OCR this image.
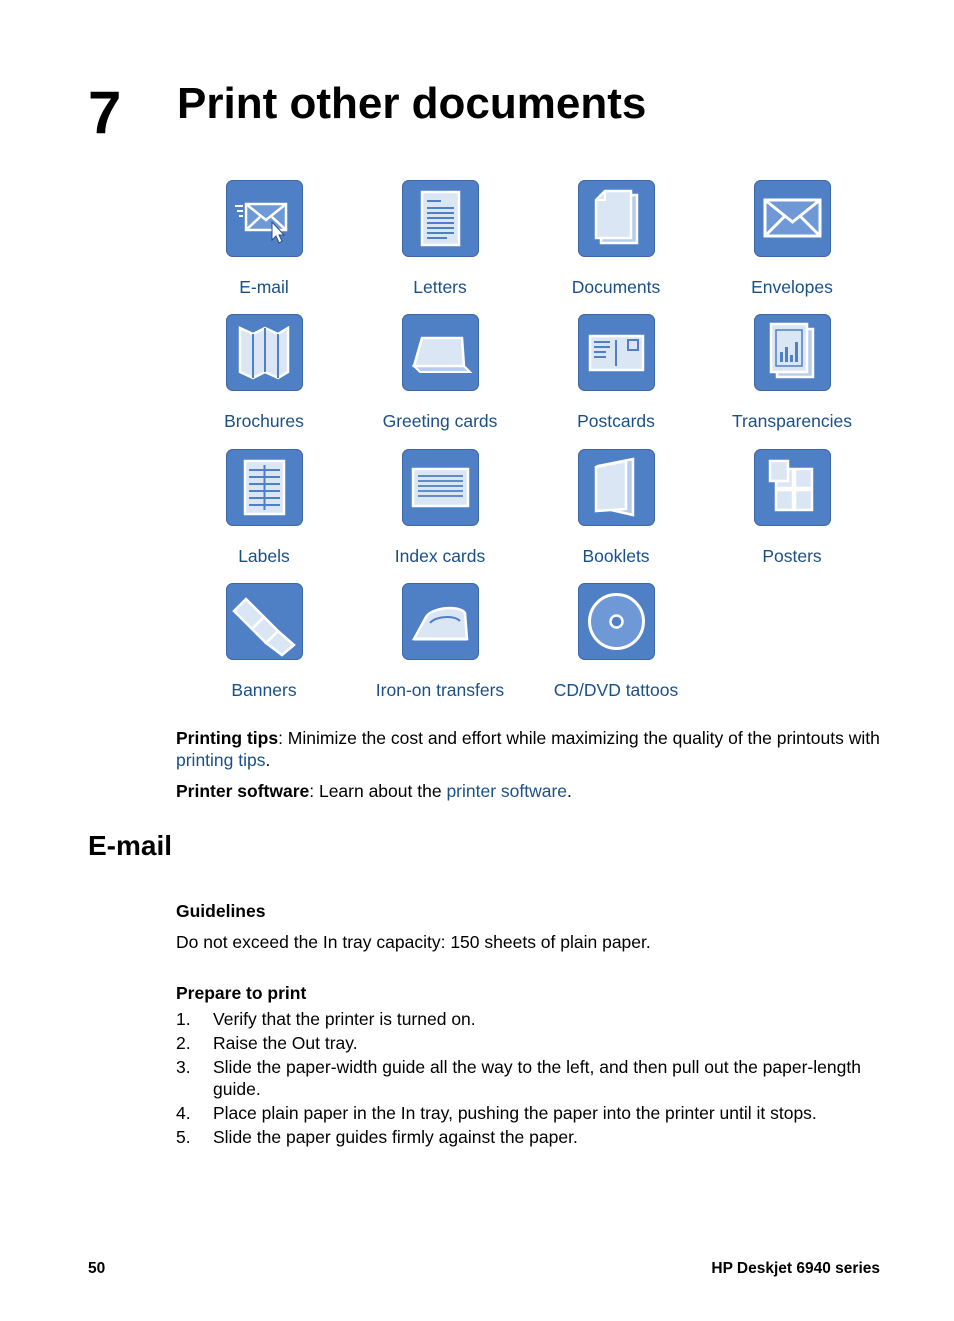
7 Print other documents
E-mail	Letters	Documents	Envelopes
Brochures	Greeting cards	Postcards	Transparencies
Labels	Index cards	Booklets	Posters
Banners	Iron-on transfers	CD/DVD tattoos
Printing tips: Minimize the cost and effort while maximizing the quality of the printouts with printing tips.
Printer software: Learn about the printer software.
E-mail
Guidelines
Do not exceed the In tray capacity: 150 sheets of plain paper.
Prepare to print
1. Verify that the printer is turned on.
2. Raise the Out tray.
3. Slide the paper-width guide all the way to the left, and then pull out the paper-length guide.
4. Place plain paper in the In tray, pushing the paper into the printer until it stops.
5. Slide the paper guides firmly against the paper.
50	HP Deskjet 6940 series
